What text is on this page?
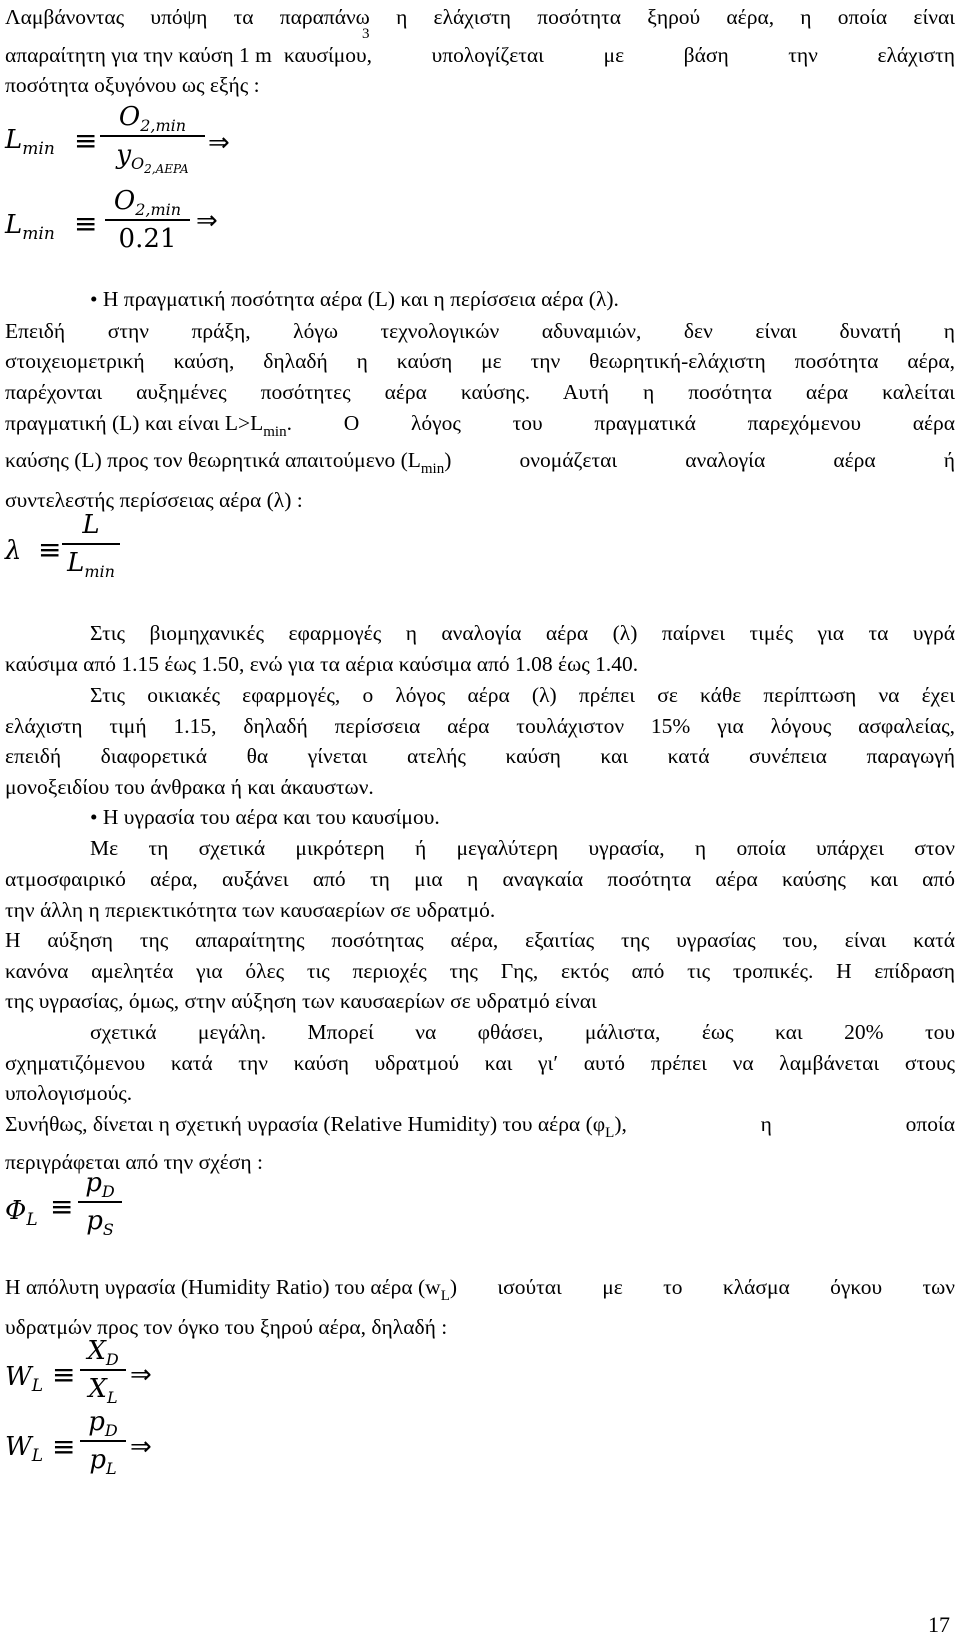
Λαμβάνοντας υπόψη τα παραπάνω η ελάχιστη ποσότητα ξηρού αέρα, η οποία είναι
3
απαραίτητη για την καύση 1 m καυσίμου, υπολογίζεται με βάση την ελάχιστη
ποσότητα οξυγόνου ως εξής :
$L_{min}$ ≡
$O_{2,min}$
$y_{O2,AEPA}$
⇒
$L_{min}$ ≡
$O_{2,min}$
0.21
⇒
• Η πραγματική ποσότητα αέρα (L) και η περίσσεια αέρα (λ).
Επειδή στην πράξη, λόγω τεχνολογικών αδυναμιών, δεν είναι δυνατή η
στοιχειομετρική καύση, δηλαδή η καύση με την θεωρητική-ελάχιστη ποσότητα αέρα,
παρέχονται αυξημένες ποσότητες αέρα καύσης. Αυτή η ποσότητα αέρα καλείται
πραγματική (L) και είναι L>L min . Ο λόγος του πραγματικά παρεχόμενου αέρα
καύσης (L) προς τον θεωρητικά απαιτούμενο (L min ) ονομάζεται αναλογία αέρα ή
συντελεστής περίσσειας αέρα (λ) :
λ ≡
L
$L_{min}$
Στις βιομηχανικές εφαρμογές η αναλογία αέρα (λ) παίρνει τιμές για τα υγρά
καύσιμα από 1.15 έως 1.50, ενώ για τα αέρια καύσιμα από 1.08 έως 1.40.
Στις οικιακές εφαρμογές, ο λόγος αέρα (λ) πρέπει σε κάθε περίπτωση να έχει
ελάχιστη τιμή 1.15, δηλαδή περίσσεια αέρα τουλάχιστον 15% για λόγους ασφαλείας,
επειδή διαφορετικά θα γίνεται ατελής καύση και κατά συνέπεια παραγωγή
μονοξειδίου του άνθρακα ή και άκαυστων.
• Η υγρασία του αέρα και του καυσίμου.
Με τη σχετικά μικρότερη ή μεγαλύτερη υγρασία, η οποία υπάρχει στον
ατμοσφαιρικό αέρα, αυξάνει από τη μια η αναγκαία ποσότητα αέρα καύσης και από
την άλλη η περιεκτικότητα των καυσαερίων σε υδρατμό.
Η αύξηση της απαραίτητης ποσότητας αέρα, εξαιτίας της υγρασίας του, είναι κατά
κανόνα αμελητέα για όλες τις περιοχές της Γης, εκτός από τις τροπικές. Η επίδραση
της υγρασίας, όμως, στην αύξηση των καυσαερίων σε υδρατμό είναι
σχετικά μεγάλη. Μπορεί να φθάσει, μάλιστα, έως και 20% του
σχηματιζόμενου κατά την καύση υδρατμού και γι′ αυτό πρέπει να λαμβάνεται στους
υπολογισμούς.
Συνήθως, δίνεται η σχετική υγρασία (Relative Humidity) του αέρα (φ L ), η οποία
περιγράφεται από την σχέση :
$\Phi_L$ ≡
$p_D$
$p_S$
Η απόλυτη υγρασία (Humidity Ratio) του αέρα (w L ) ισούται με το κλάσμα όγκου των
υδρατμών προς τον όγκο του ξηρού αέρα, δηλαδή :
$W_L$ ≡
$X_D$
$X_L$
⇒
$W_L$ ≡
$p_D$
$p_L$
⇒
17
